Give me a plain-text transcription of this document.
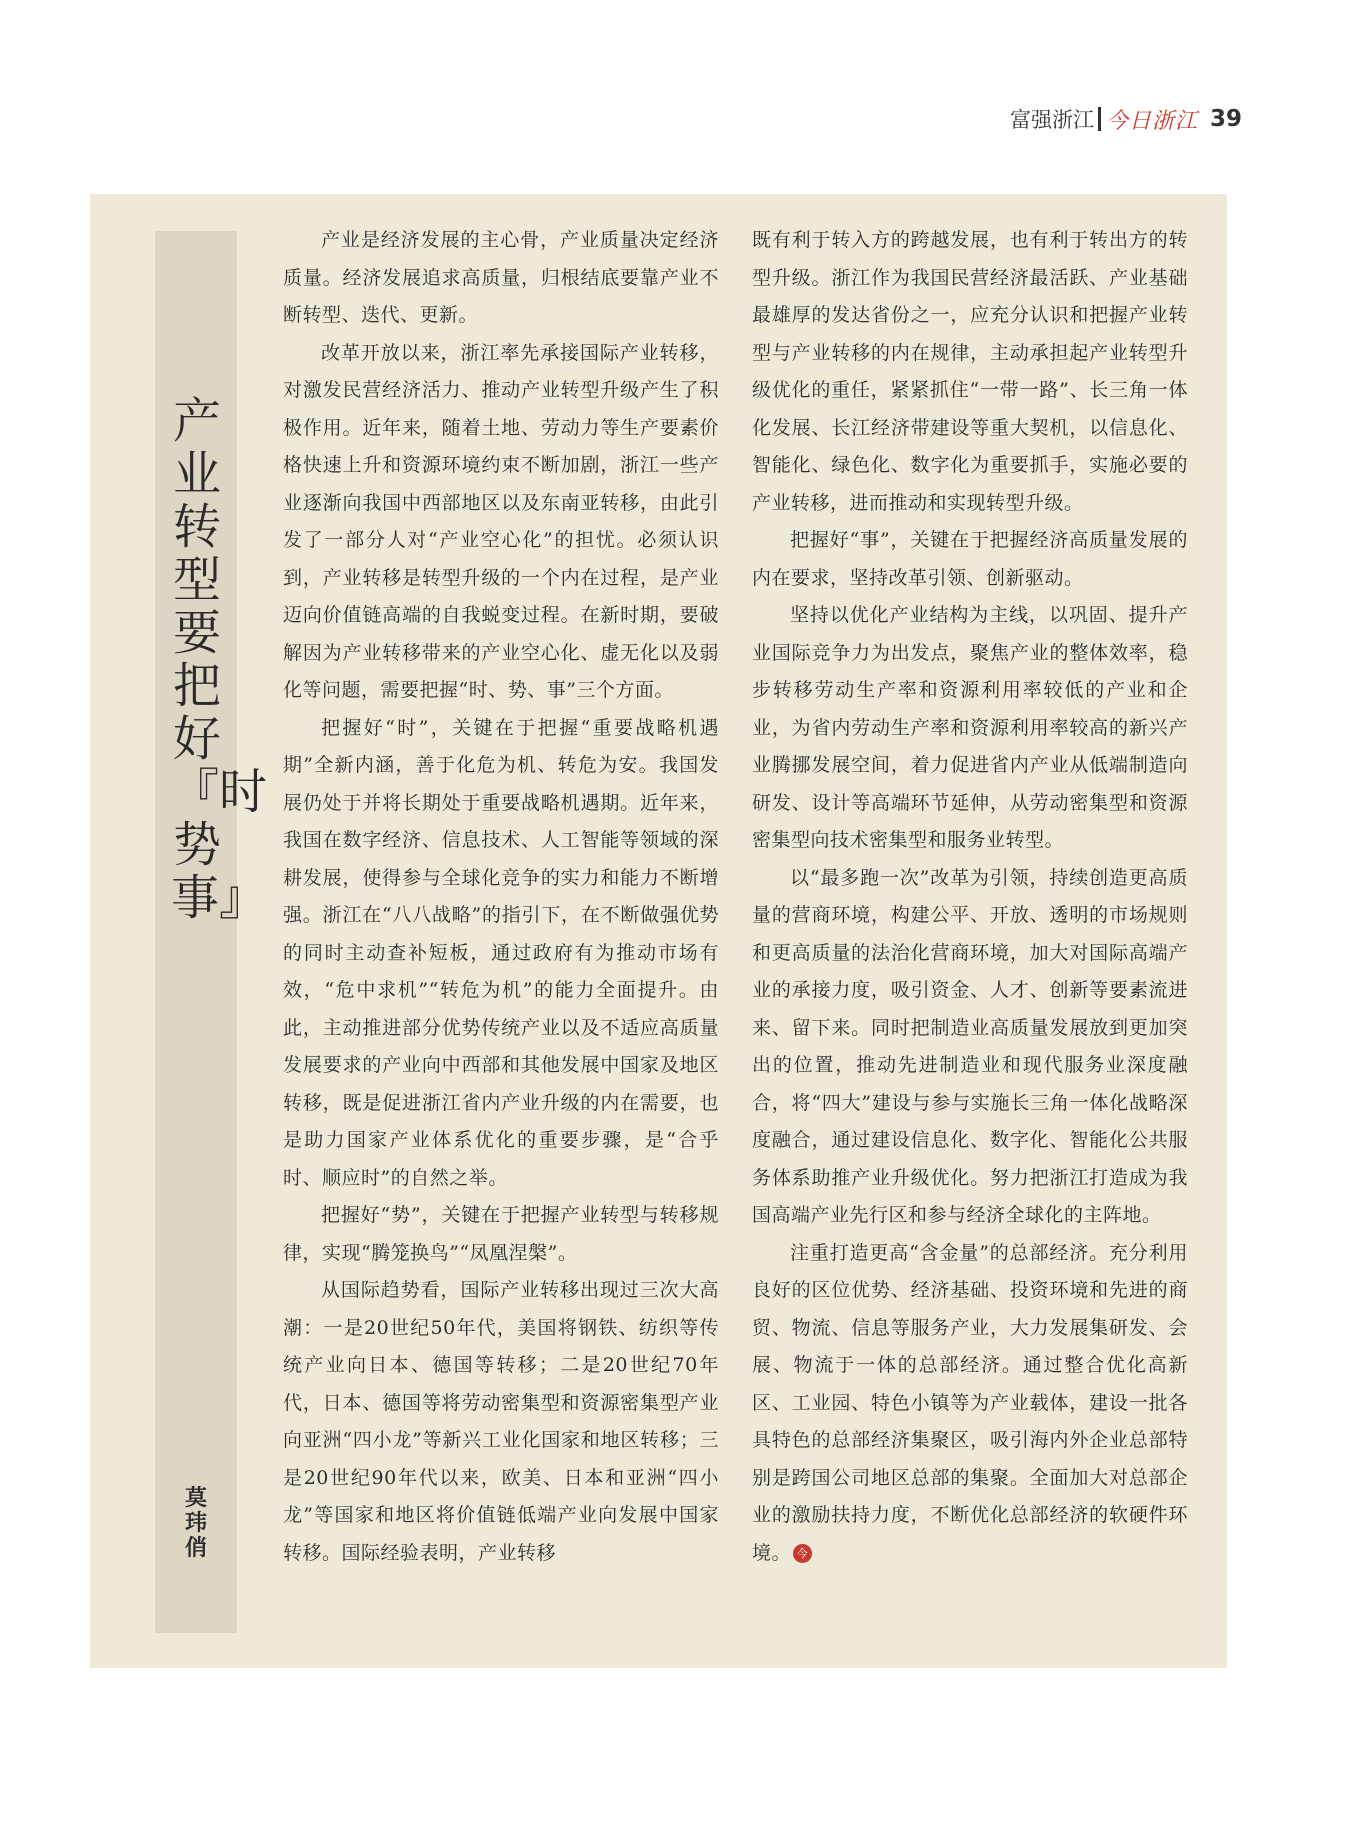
富强浙江 今日浙江 39
产业转型要把好『时势事』
莫玮俏

产业是经济发展的主心骨，产业质量决定经济质量。经济发展追求高质量，归根结底要靠产业不断转型、迭代、更新。

改革开放以来，浙江率先承接国际产业转移，对激发民营经济活力、推动产业转型升级产生了积极作用。近年来，随着土地、劳动力等生产要素价格快速上升和资源环境约束不断加剧，浙江一些产业逐渐向我国中西部地区以及东南亚转移，由此引发了一部分人对“产业空心化”的担忧。必须认识到，产业转移是转型升级的一个内在过程，是产业迈向价值链高端的自我蜕变过程。在新时期，要破解因为产业转移带来的产业空心化、虚无化以及弱化等问题，需要把握“时、势、事”三个方面。

把握好“时”，关键在于把握“重要战略机遇期”全新内涵，善于化危为机、转危为安。我国发展仍处于并将长期处于重要战略机遇期。近年来，我国在数字经济、信息技术、人工智能等领域的深耕发展，使得参与全球化竞争的实力和能力不断增强。浙江在“八八战略”的指引下，在不断做强优势的同时主动查补短板，通过政府有为推动市场有效，“危中求机”“转危为机”的能力全面提升。由此，主动推进部分优势传统产业以及不适应高质量发展要求的产业向中西部和其他发展中国家及地区转移，既是促进浙江省内产业升级的内在需要，也是助力国家产业体系优化的重要步骤，是“合乎时、顺应时”的自然之举。

把握好“势”，关键在于把握产业转型与转移规律，实现“腾笼换鸟”“凤凰涅槃”。

从国际趋势看，国际产业转移出现过三次大高潮：一是20世纪50年代，美国将钢铁、纺织等传统产业向日本、德国等转移；二是20世纪70年代，日本、德国等将劳动密集型和资源密集型产业向亚洲“四小龙”等新兴工业化国家和地区转移；三是20世纪90年代以来，欧美、日本和亚洲“四小龙”等国家和地区将价值链低端产业向发展中国家转移。国际经验表明，产业转移

既有利于转入方的跨越发展，也有利于转出方的转型升级。浙江作为我国民营经济最活跃、产业基础最雄厚的发达省份之一，应充分认识和把握产业转型与产业转移的内在规律，主动承担起产业转型升级优化的重任，紧紧抓住“一带一路”、长三角一体化发展、长江经济带建设等重大契机，以信息化、智能化、绿色化、数字化为重要抓手，实施必要的产业转移，进而推动和实现转型升级。

把握好“事”，关键在于把握经济高质量发展的内在要求，坚持改革引领、创新驱动。

坚持以优化产业结构为主线，以巩固、提升产业国际竞争力为出发点，聚焦产业的整体效率，稳步转移劳动生产率和资源利用率较低的产业和企业，为省内劳动生产率和资源利用率较高的新兴产业腾挪发展空间，着力促进省内产业从低端制造向研发、设计等高端环节延伸，从劳动密集型和资源密集型向技术密集型和服务业转型。

以“最多跑一次”改革为引领，持续创造更高质量的营商环境，构建公平、开放、透明的市场规则和更高质量的法治化营商环境，加大对国际高端产业的承接力度，吸引资金、人才、创新等要素流进来、留下来。同时把制造业高质量发展放到更加突出的位置，推动先进制造业和现代服务业深度融合，将“四大”建设与参与实施长三角一体化战略深度融合，通过建设信息化、数字化、智能化公共服务体系助推产业升级优化。努力把浙江打造成为我国高端产业先行区和参与经济全球化的主阵地。

注重打造更高“含金量”的总部经济。充分利用良好的区位优势、经济基础、投资环境和先进的商贸、物流、信息等服务产业，大力发展集研发、会展、物流于一体的总部经济。通过整合优化高新区、工业园、特色小镇等为产业载体，建设一批各具特色的总部经济集聚区，吸引海内外企业总部特别是跨国公司地区总部的集聚。全面加大对总部企业的激励扶持力度，不断优化总部经济的软硬件环境。 今
